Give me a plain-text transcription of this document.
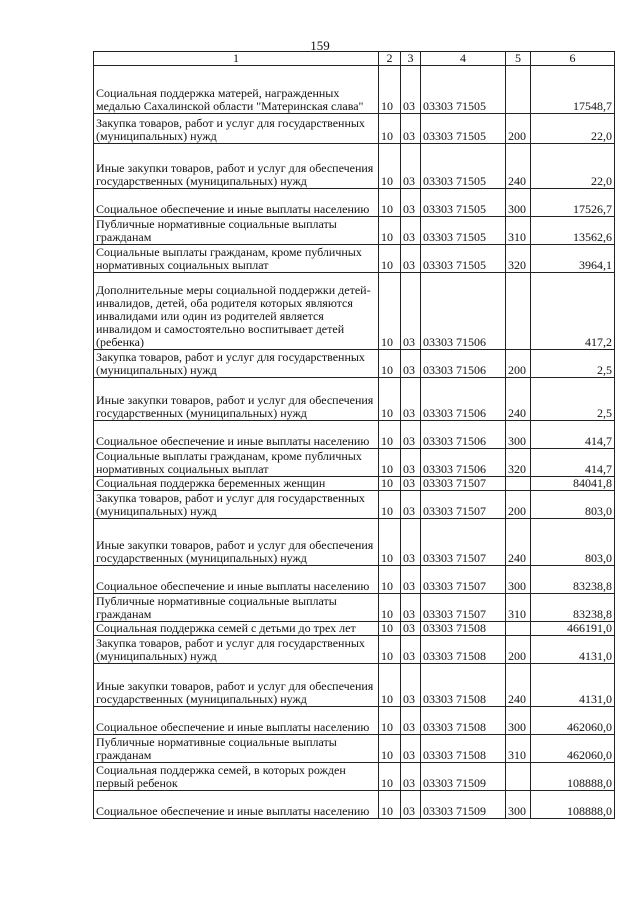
159
1	2	3	4	5	6
Социальная поддержка матерей, награжденных медалью Сахалинской области "Материнская слава"	10	03	03303 71505		17548,7
Закупка товаров, работ и услуг для государственных (муниципальных) нужд	10	03	03303 71505	200	22,0
Иные закупки товаров, работ и услуг для обеспечения государственных (муниципальных) нужд	10	03	03303 71505	240	22,0
Социальное обеспечение и иные выплаты населению	10	03	03303 71505	300	17526,7
Публичные нормативные социальные выплаты гражданам	10	03	03303 71505	310	13562,6
Социальные выплаты гражданам, кроме публичных нормативных социальных выплат	10	03	03303 71505	320	3964,1
Дополнительные меры социальной поддержки детей-инвалидов, детей, оба родителя которых являются инвалидами или один из родителей является инвалидом и самостоятельно воспитывает детей (ребенка)	10	03	03303 71506		417,2
Закупка товаров, работ и услуг для государственных (муниципальных) нужд	10	03	03303 71506	200	2,5
Иные закупки товаров, работ и услуг для обеспечения государственных (муниципальных) нужд	10	03	03303 71506	240	2,5
Социальное обеспечение и иные выплаты населению	10	03	03303 71506	300	414,7
Социальные выплаты гражданам, кроме публичных нормативных социальных выплат	10	03	03303 71506	320	414,7
Социальная поддержка беременных женщин	10	03	03303 71507		84041,8
Закупка товаров, работ и услуг для государственных (муниципальных) нужд	10	03	03303 71507	200	803,0
Иные закупки товаров, работ и услуг для обеспечения государственных (муниципальных) нужд	10	03	03303 71507	240	803,0
Социальное обеспечение и иные выплаты населению	10	03	03303 71507	300	83238,8
Публичные нормативные социальные выплаты гражданам	10	03	03303 71507	310	83238,8
Социальная поддержка семей с детьми до трех лет	10	03	03303 71508		466191,0
Закупка товаров, работ и услуг для государственных (муниципальных) нужд	10	03	03303 71508	200	4131,0
Иные закупки товаров, работ и услуг для обеспечения государственных (муниципальных) нужд	10	03	03303 71508	240	4131,0
Социальное обеспечение и иные выплаты населению	10	03	03303 71508	300	462060,0
Публичные нормативные социальные выплаты гражданам	10	03	03303 71508	310	462060,0
Социальная поддержка семей, в которых рожден первый ребенок	10	03	03303 71509		108888,0
Социальное обеспечение и иные выплаты населению	10	03	03303 71509	300	108888,0
